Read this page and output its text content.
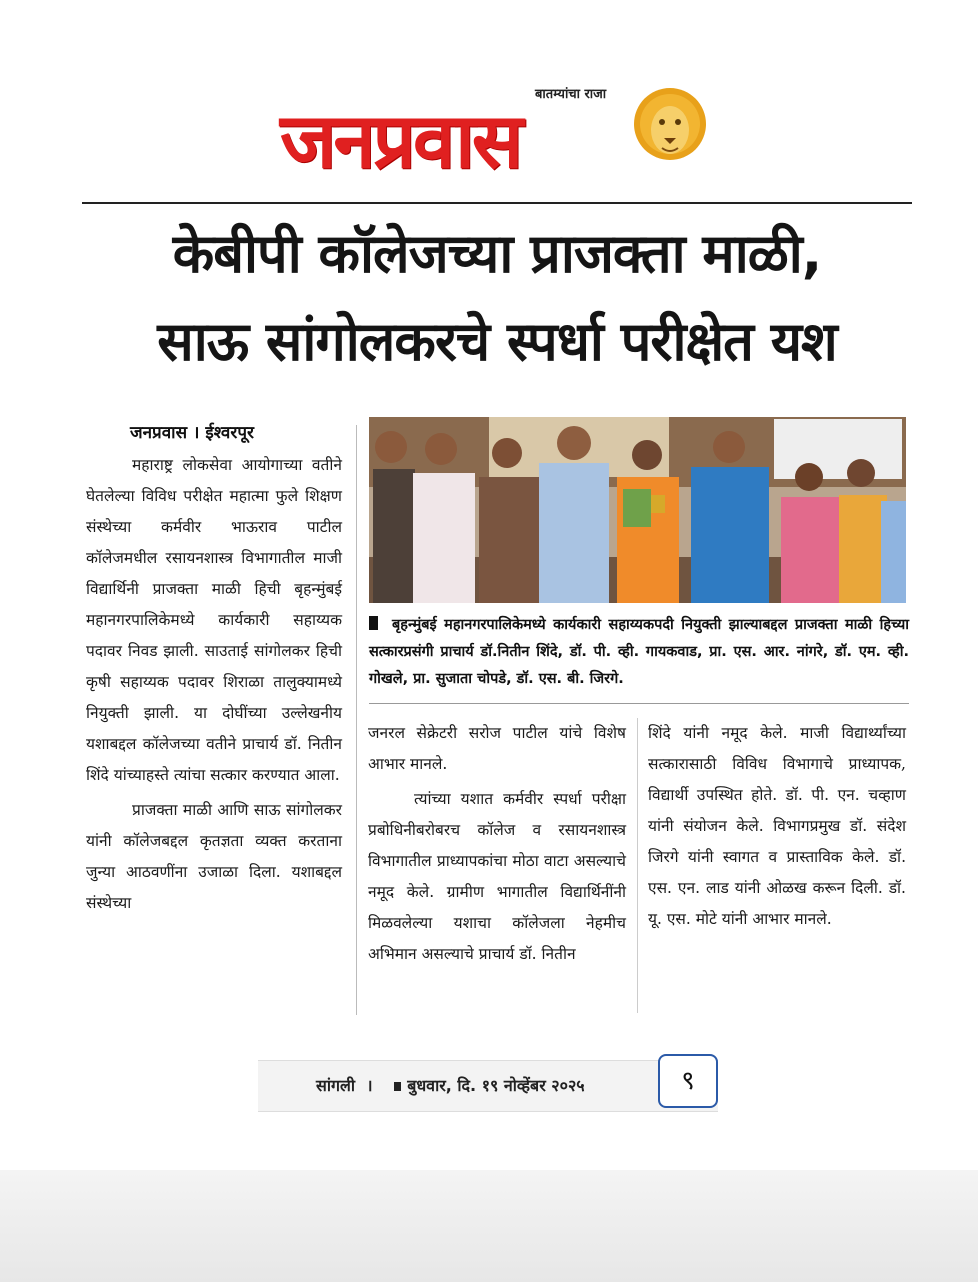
बातम्यांचा राजा
जनप्रवास
केबीपी कॉलेजच्या प्राजक्ता माळी,
साऊ सांगोलकरचे स्पर्धा परीक्षेत यश
जनप्रवास । ईश्वरपूर

महाराष्ट्र लोकसेवा आयोगाच्या वतीने घेतलेल्या विविध परीक्षेत महात्मा फुले शिक्षण संस्थेच्या कर्मवीर भाऊराव पाटील कॉलेजमधील रसायनशास्त्र विभागातील माजी विद्यार्थिनी प्राजक्ता माळी हिची बृहन्मुंबई महानगरपालिकेमध्ये कार्यकारी सहाय्यक पदावर निवड झाली. साउताई सांगोलकर हिची कृषी सहाय्यक पदावर शिराळा तालुक्यामध्ये नियुक्ती झाली. या दोघींच्या उल्लेखनीय यशाबद्दल कॉलेजच्या वतीने प्राचार्य डॉ. नितीन शिंदे यांच्याहस्ते त्यांचा सत्कार करण्यात आला.

प्राजक्ता माळी आणि साऊ सांगोलकर यांनी कॉलेजबद्दल कृतज्ञता व्यक्त करताना जुन्या आठवणींना उजाळा दिला. यशाबद्दल संस्थेच्या

बृहन्मुंबई महानगरपालिकेमध्ये कार्यकारी सहाय्यकपदी नियुक्ती झाल्याबद्दल प्राजक्ता माळी हिच्या सत्कारप्रसंगी प्राचार्य डॉ.नितीन शिंदे, डॉ. पी. व्ही. गायकवाड, प्रा. एस. आर. नांगरे, डॉ. एम. व्ही. गोखले, प्रा. सुजाता चोपडे, डॉ. एस. बी. जिरगे.

जनरल सेक्रेटरी सरोज पाटील यांचे विशेष आभार मानले.

त्यांच्या यशात कर्मवीर स्पर्धा परीक्षा प्रबोधिनीबरोबरच कॉलेज व रसायनशास्त्र विभागातील प्राध्यापकांचा मोठा वाटा असल्याचे नमूद केले. ग्रामीण भागातील विद्यार्थिनींनी मिळवलेल्या यशाचा कॉलेजला नेहमीच अभिमान असल्याचे प्राचार्य डॉ. नितीन

शिंदे यांनी नमूद केले. माजी विद्यार्थ्यांच्या सत्कारासाठी विविध विभागाचे प्राध्यापक, विद्यार्थी उपस्थित होते. डॉ. पी. एन. चव्हाण यांनी संयोजन केले. विभागप्रमुख डॉ. संदेश जिरगे यांनी स्वागत व प्रास्ताविक केले. डॉ. एस. एन. लाड यांनी ओळख करून दिली. डॉ. यू. एस. मोटे यांनी आभार मानले.

सांगली । बुधवार, दि. १९ नोव्हेंबर २०२५	९
